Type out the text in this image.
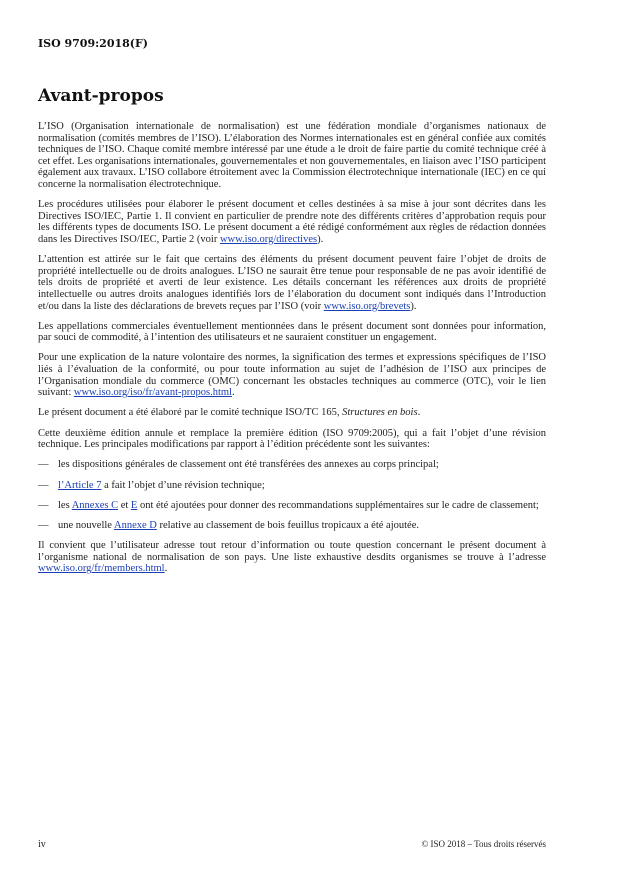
ISO 9709:2018(F)
Avant-propos

L’ISO (Organisation internationale de normalisation) est une fédération mondiale d’organismes nationaux de normalisation (comités membres de l’ISO). L’élaboration des Normes internationales est en général confiée aux comités techniques de l’ISO. Chaque comité membre intéressé par une étude a le droit de faire partie du comité technique créé à cet effet. Les organisations internationales, gouvernementales et non gouvernementales, en liaison avec l’ISO participent également aux travaux. L’ISO collabore étroitement avec la Commission électrotechnique internationale (IEC) en ce qui concerne la normalisation électrotechnique.

Les procédures utilisées pour élaborer le présent document et celles destinées à sa mise à jour sont décrites dans les Directives ISO/IEC, Partie 1. Il convient en particulier de prendre note des différents critères d’approbation requis pour les différents types de documents ISO. Le présent document a été rédigé conformément aux règles de rédaction données dans les Directives ISO/IEC, Partie 2 (voir www.iso.org/directives).

L’attention est attirée sur le fait que certains des éléments du présent document peuvent faire l’objet de droits de propriété intellectuelle ou de droits analogues. L’ISO ne saurait être tenue pour responsable de ne pas avoir identifié de tels droits de propriété et averti de leur existence. Les détails concernant les références aux droits de propriété intellectuelle ou autres droits analogues identifiés lors de l’élaboration du document sont indiqués dans l’Introduction et/ou dans la liste des déclarations de brevets reçues par l’ISO (voir www.iso.org/brevets).

Les appellations commerciales éventuellement mentionnées dans le présent document sont données pour information, par souci de commodité, à l’intention des utilisateurs et ne sauraient constituer un engagement.

Pour une explication de la nature volontaire des normes, la signification des termes et expressions spécifiques de l’ISO liés à l’évaluation de la conformité, ou pour toute information au sujet de l’adhésion de l’ISO aux principes de l’Organisation mondiale du commerce (OMC) concernant les obstacles techniques au commerce (OTC), voir le lien suivant: www.iso.org/iso/fr/avant-propos.html.

Le présent document a été élaboré par le comité technique ISO/TC 165, Structures en bois.

Cette deuxième édition annule et remplace la première édition (ISO 9709:2005), qui a fait l’objet d’une révision technique. Les principales modifications par rapport à l’édition précédente sont les suivantes:

— les dispositions générales de classement ont été transférées des annexes au corps principal;
— l’Article 7 a fait l’objet d’une révision technique;
— les Annexes C et E ont été ajoutées pour donner des recommandations supplémentaires sur le cadre de classement;
— une nouvelle Annexe D relative au classement de bois feuillus tropicaux a été ajoutée.

Il convient que l’utilisateur adresse tout retour d’information ou toute question concernant le présent document à l’organisme national de normalisation de son pays. Une liste exhaustive desdits organismes se trouve à l’adresse www.iso.org/fr/members.html.

iv	© ISO 2018 – Tous droits réservés
